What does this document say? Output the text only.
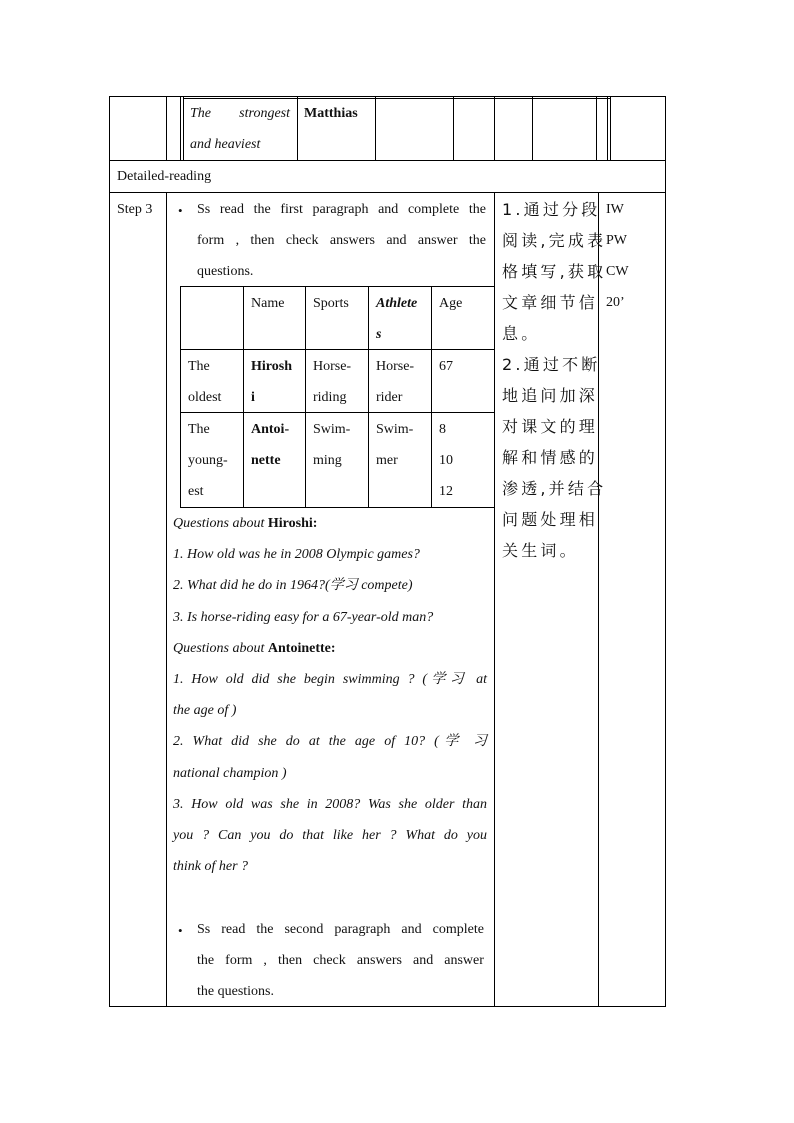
The strongest
and heaviest
Matthias
Detailed-reading
Step 3 • Ss read the first paragraph and complete the
form , then check answers and answer the
questions.
Name Sports Athlete
s
Age
The
oldest
Hirosh
i
Horse-
riding
Horse-
rider
67
The
young-
est
Antoi-
nette
Swim-
ming
Swim-
mer
8
10
12
Questions about Hiroshi:
1. How old was he in 2008 Olympic games?
2. What did he do in 1964?(学习 compete)
3. Is horse-riding easy for a 67-year-old man?
Questions about Antoinette:
1. How old did she begin swimming ? (学习 at
the age of )
2. What did she do at the age of 10? (学 习
national champion )
3. How old was she in 2008? Was she older than
you ? Can you do that like her ? What do you
think of her ?
• Ss read the second paragraph and complete
the form , then check answers and answer
the questions.
1.通过分段
阅读,完成表
格填写,获取
文章细节信
息。
2.通过不断
地追问加深
对课文的理
解和情感的
渗透,并结合
问题处理相
关生词。
IW
PW
CW
20’
